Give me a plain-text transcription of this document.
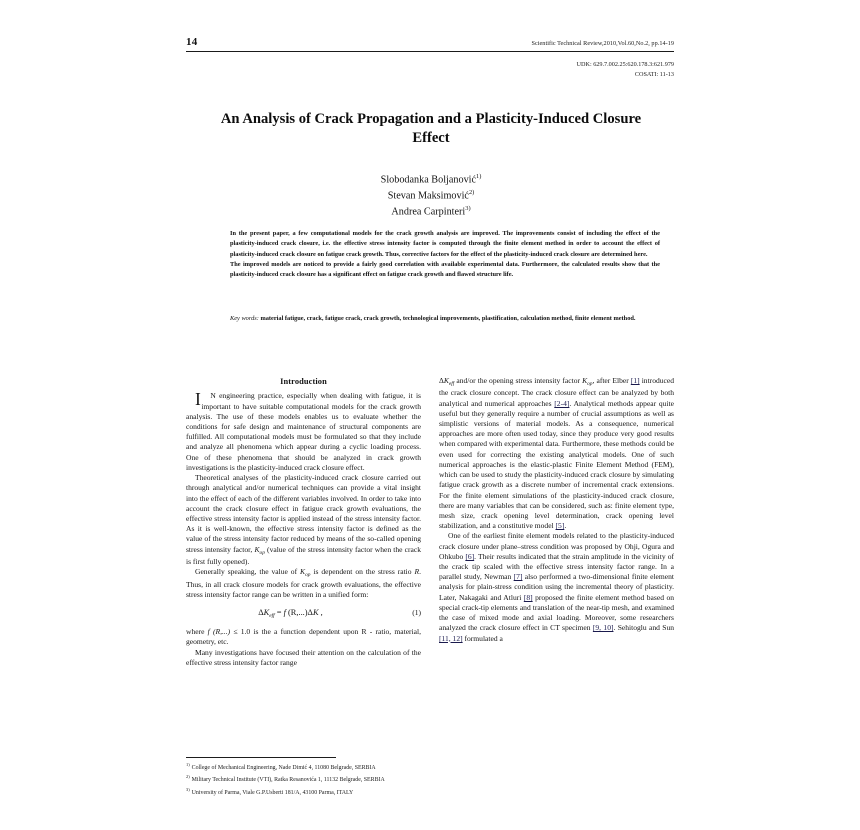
14	Scientific Technical Review,2010,Vol.60,No.2, pp.14-19
UDK: 629.7.002.25:620.178.3:621.979
COSATI: 11-13
An Analysis of Crack Propagation and a Plasticity-Induced Closure Effect
Slobodanka Boljanović$^{1)}$
Stevan Maksimović$^{2)}$
Andrea Carpinteri$^{3)}$

In the present paper, a few computational models for the crack growth analysis are improved. The improvements consist of including the effect of the plasticity-induced crack closure, i.e. the effective stress intensity factor is computed through the finite element method in order to account the effect of plasticity-induced crack closure on fatigue crack growth. Thus, corrective factors for the effect of the plasticity-induced crack closure are determined here.

The improved models are noticed to provide a fairly good correlation with available experimental data. Furthermore, the calculated results show that the plasticity-induced crack closure has a significant effect on fatigue crack growth and flawed structure life.

Key words: material fatigue, crack, fatigue crack, crack growth, technological improvements, plastification, calculation method, finite element method.
Introduction

I N engineering practice, especially when dealing with fatigue, it is important to have suitable computational models for the crack growth analysis. The use of these models enables us to evaluate whether the conditions for safe design and maintenance of structural components are fulfilled. All computational models must be formulated so that they include and analyze all phenomena which appear during a cyclic loading process. One of these phenomena that should be analyzed in crack growth investigations is the plasticity-induced crack closure effect.

Theoretical analyses of the plasticity-induced crack closure carried out through analytical and/or numerical techniques can provide a vital insight into the effect of each of the different variables involved. In order to take into account the crack closure effect in fatigue crack growth evaluations, the effective stress intensity factor is applied instead of the stress intensity factor. As it is well-known, the effective stress intensity factor is defined as the value of the stress intensity factor reduced by means of the so-called opening stress intensity factor, $K_{op}$ (value of the stress intensity factor when the crack is first fully opened).

Generally speaking, the value of $K_{op}$ is dependent on the stress ratio R. Thus, in all crack closure models for crack growth evaluations, the effective stress intensity factor range can be written in a unified form:

$\Delta K_{eff} = f$ (R,...)ΔK ,	(1)

where f (R,...) ≤ 1.0 is the a function dependent upon R - ratio, material, geometry, etc.

Many investigations have focused their attention on the calculation of the effective stress intensity factor range

$\Delta K_{eff}$ and/or the opening stress intensity factor $K_{op}$, after Elber [1] introduced the crack closure concept. The crack closure effect can be analyzed by both analytical and numerical approaches [2-4]. Analytical methods appear quite useful but they generally require a number of crucial assumptions as well as simplistic versions of material models. As a consequence, numerical approaches are more often used today, since they produce very good results when compared with experimental data. Furthermore, these methods could be even used for correcting the existing analytical models. One of such numerical approaches is the elastic-plastic Finite Element Method (FEM), which can be used to study the plasticity-induced crack closure by simulating fatigue crack growth as a discrete number of incremental crack extensions. For the finite element simulations of the plasticity-induced crack closure, there are many variables that can be considered, such as: finite element type, mesh size, crack opening level determination, crack opening level stabilization, and a constitutive model [5].

One of the earliest finite element models related to the plasticity-induced crack closure under plane–stress condition was proposed by Ohji, Ogura and Ohkubo [6]. Their results indicated that the strain amplitude in the vicinity of the crack tip scaled with the effective stress intensity factor range. In a parallel study, Newman [7] also performed a two-dimensional finite element analysis for plain-stress condition using the incremental theory of plasticity. Later, Nakagaki and Atluri [8] proposed the finite element method based on special crack-tip elements and translation of the near-tip mesh, and examined the case of mixed mode and axial loading. Moreover, some researchers analyzed the crack closure effect in CT specimen [9, 10]. Sehitoglu and Sun [11, 12] formulated a

$^{1)}$College of Mechanical Engineering, Nade Dimić 4, 11080 Belgrade, SERBIA
$^{2)}$Military Technical Institute (VTI), Ratka Resanovića 1, 11132 Belgrade, SERBIA
$^{3)}$University of Parma, Viale G.P.Usberti 181/A, 43100 Parma, ITALY
